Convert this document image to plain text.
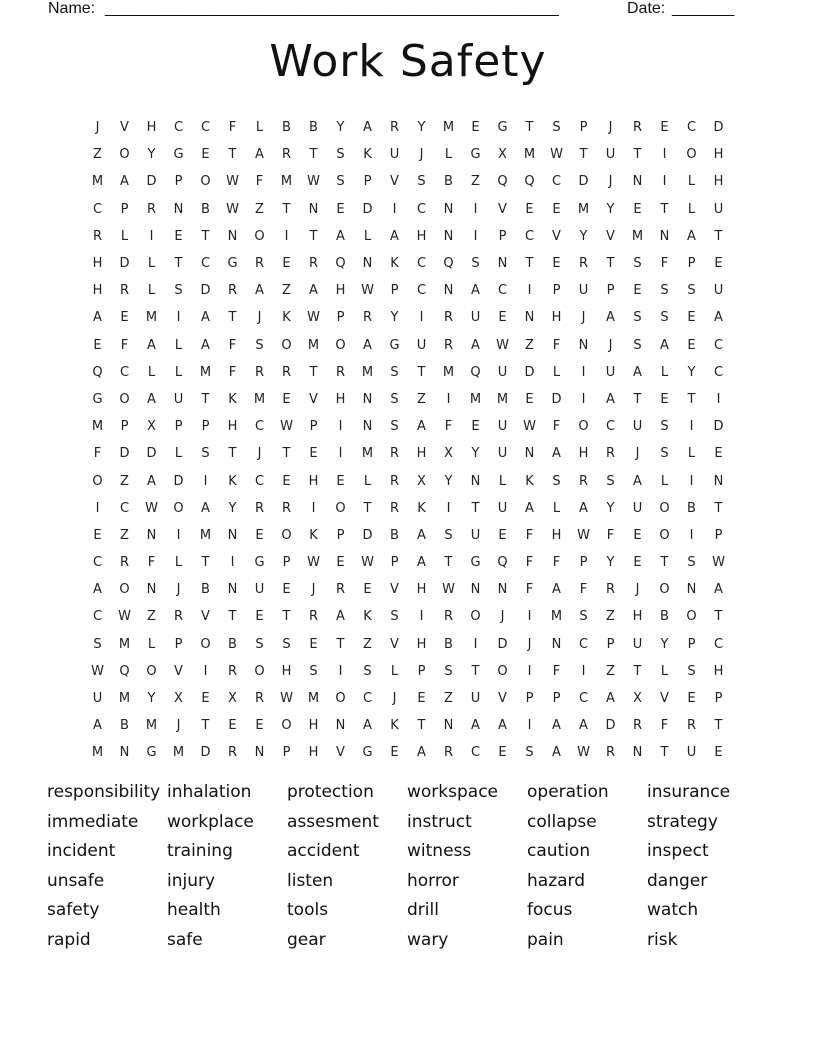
Name: ___________________________________________________	Date: _______
Work Safety
J	V	H	C	C	F	L	B	B	Y	A	R	Y	M	E	G	T	S	P	J	R	E	C	D
Z	O	Y	G	E	T	A	R	T	S	K	U	J	L	G	X	M	W	T	U	T	I	O	H
M	A	D	P	O	W	F	M	W	S	P	V	S	B	Z	Q	Q	C	D	J	N	I	L	H
C	P	R	N	B	W	Z	T	N	E	D	I	C	N	I	V	E	E	M	Y	E	T	L	U
R	L	I	E	T	N	O	I	T	A	L	A	H	N	I	P	C	V	Y	V	M	N	A	T
H	D	L	T	C	G	R	E	R	Q	N	K	C	Q	S	N	T	E	R	T	S	F	P	E
H	R	L	S	D	R	A	Z	A	H	W	P	C	N	A	C	I	P	U	P	E	S	S	U
A	E	M	I	A	T	J	K	W	P	R	Y	I	R	U	E	N	H	J	A	S	S	E	A
E	F	A	L	A	F	S	O	M	O	A	G	U	R	A	W	Z	F	N	J	S	A	E	C
Q	C	L	L	M	F	R	R	T	R	M	S	T	M	Q	U	D	L	I	U	A	L	Y	C
G	O	A	U	T	K	M	E	V	H	N	S	Z	I	M	M	E	D	I	A	T	E	T	I
M	P	X	P	P	H	C	W	P	I	N	S	A	F	E	U	W	F	O	C	U	S	I	D
F	D	D	L	S	T	J	T	E	I	M	R	H	X	Y	U	N	A	H	R	J	S	L	E
O	Z	A	D	I	K	C	E	H	E	L	R	X	Y	N	L	K	S	R	S	A	L	I	N
I	C	W	O	A	Y	R	R	I	O	T	R	K	I	T	U	A	L	A	Y	U	O	B	T
E	Z	N	I	M	N	E	O	K	P	D	B	A	S	U	E	F	H	W	F	E	O	I	P
C	R	F	L	T	I	G	P	W	E	W	P	A	T	G	Q	F	F	P	Y	E	T	S	W
A	O	N	J	B	N	U	E	J	R	E	V	H	W	N	N	F	A	F	R	J	O	N	A
C	W	Z	R	V	T	E	T	R	A	K	S	I	R	O	J	I	M	S	Z	H	B	O	T
S	M	L	P	O	B	S	S	E	T	Z	V	H	B	I	D	J	N	C	P	U	Y	P	C
W	Q	O	V	I	R	O	H	S	I	S	L	P	S	T	O	I	F	I	Z	T	L	S	H
U	M	Y	X	E	X	R	W	M	O	C	J	E	Z	U	V	P	P	C	A	X	V	E	P
A	B	M	J	T	E	E	O	H	N	A	K	T	N	A	A	I	A	A	D	R	F	R	T
M	N	G	M	D	R	N	P	H	V	G	E	A	R	C	E	S	A	W	R	N	T	U	E
responsibility inhalation	protection	workspace	operation	insurance
immediate	workplace	assesment	instruct	collapse	strategy
incident	training	accident	witness	caution	inspect
unsafe	injury	listen	horror	hazard	danger
safety	health	tools	drill	focus	watch
rapid	safe	gear	wary	pain	risk
